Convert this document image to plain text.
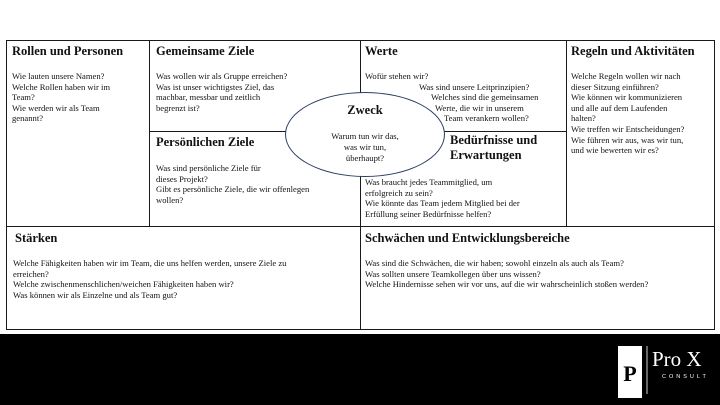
Rollen und Personen
Wie lauten unsere Namen?
Welche Rollen haben wir im
Team?
Wie werden wir als Team
genannt?
Gemeinsame Ziele
Was wollen wir als Gruppe erreichen?
Was ist unser wichtigstes Ziel, das
machbar, messbar und zeitlich
begrenzt ist?
Persönlichen Ziele
Was sind persönliche Ziele für
dieses Projekt?
Gibt es persönliche Ziele, die wir offenlegen
wollen?
Werte
Wofür stehen wir?
Was sind unsere Leitprinzipien?
Welches sind die gemeinsamen
Werte, die wir in unserem
Team verankern wollen?
Bedürfnisse und
Erwartungen
Was braucht jedes Teammitglied, um
erfolgreich zu sein?
Wie könnte das Team jedem Mitglied bei der
Erfüllung seiner Bedürfnisse helfen?
Regeln und Aktivitäten
Welche Regeln wollen wir nach
dieser Sitzung einführen?
Wie können wir kommunizieren
und alle auf dem Laufenden
halten?
Wie treffen wir Entscheidungen?
Wie führen wir aus, was wir tun,
und wie bewerten wir es?
Stärken
Welche Fähigkeiten haben wir im Team, die uns helfen werden, unsere Ziele zu
erreichen?
Welche zwischenmenschlichen/weichen Fähigkeiten haben wir?
Was können wir als Einzelne und als Team gut?
Schwächen und Entwicklungsbereiche
Was sind die Schwächen, die wir haben; sowohl einzeln als auch als Team?
Was sollten unsere Teamkollegen über uns wissen?
Welche Hindernisse sehen wir vor uns, auf die wir wahrscheinlich stoßen werden?
Zweck
Warum tun wir das,
was wir tun,
überhaupt?
Team Canvas
P
Pro X
CONSULT
